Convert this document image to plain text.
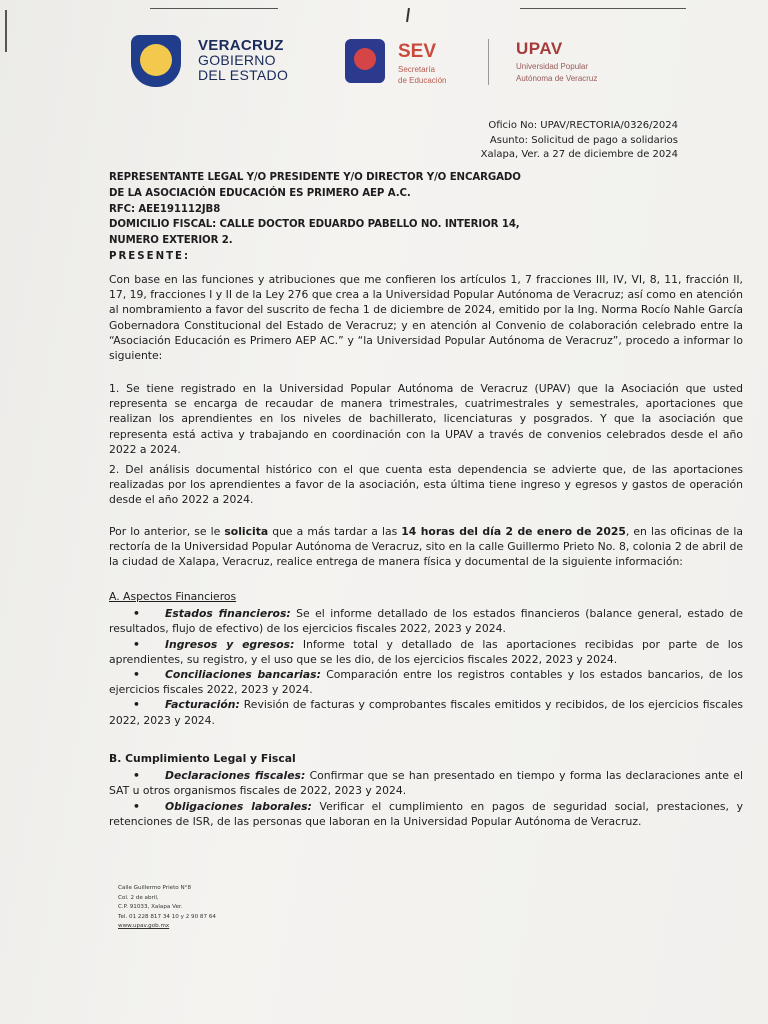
VERACRUZ
GOBIERNO
DEL ESTADO
SEV
Secretaría
de Educación
UPAV
Universidad Popular
Autónoma de Veracruz
Oficio No: UPAV/RECTORIA/0326/2024
Asunto: Solicitud de pago a solidarios
Xalapa, Ver. a 27 de diciembre de 2024
REPRESENTANTE LEGAL Y/O PRESIDENTE Y/O DIRECTOR Y/O ENCARGADO
DE LA ASOCIACIÓN EDUCACIÓN ES PRIMERO AEP A.C.
RFC: AEE191112JB8
DOMICILIO FISCAL: CALLE DOCTOR EDUARDO PABELLO NO. INTERIOR 14,
NUMERO EXTERIOR 2.
PRESENTE:
Con base en las funciones y atribuciones que me confieren los artículos 1, 7 fracciones III, IV, VI, 8, 11, fracción II, 17, 19, fracciones I y II de la Ley 276 que crea a la Universidad Popular Autónoma de Veracruz; así como en atención al nombramiento a favor del suscrito de fecha 1 de diciembre de 2024, emitido por la Ing. Norma Rocío Nahle García Gobernadora Constitucional del Estado de Veracruz; y en atención al Convenio de colaboración celebrado entre la “Asociación Educación es Primero AEP AC.” y “la Universidad Popular Autónoma de Veracruz”, procedo a informar lo siguiente:
1. Se tiene registrado en la Universidad Popular Autónoma de Veracruz (UPAV) que la Asociación que usted representa se encarga de recaudar de manera trimestrales, cuatrimestrales y semestrales, aportaciones que realizan los aprendientes en los niveles de bachillerato, licenciaturas y posgrados. Y que la asociación que representa está activa y trabajando en coordinación con la UPAV a través de convenios celebrados desde el año 2022 a 2024.
2. Del análisis documental histórico con el que cuenta esta dependencia se advierte que, de las aportaciones realizadas por los aprendientes a favor de la asociación, esta última tiene ingreso y egresos y gastos de operación desde el año 2022 a 2024.
Por lo anterior, se le solicita que a más tardar a las 14 horas del día 2 de enero de 2025, en las oficinas de la rectoría de la Universidad Popular Autónoma de Veracruz, sito en la calle Guillermo Prieto No. 8, colonia 2 de abril de la ciudad de Xalapa, Veracruz, realice entrega de manera física y documental de la siguiente información:
A. Aspectos Financieros
• Estados financieros: Se el informe detallado de los estados financieros (balance general, estado de resultados, flujo de efectivo) de los ejercicios fiscales 2022, 2023 y 2024.
• Ingresos y egresos: Informe total y detallado de las aportaciones recibidas por parte de los aprendientes, su registro, y el uso que se les dio, de los ejercicios fiscales 2022, 2023 y 2024.
• Conciliaciones bancarias: Comparación entre los registros contables y los estados bancarios, de los ejercicios fiscales 2022, 2023 y 2024.
• Facturación: Revisión de facturas y comprobantes fiscales emitidos y recibidos, de los ejercicios fiscales 2022, 2023 y 2024.
B. Cumplimiento Legal y Fiscal
• Declaraciones fiscales: Confirmar que se han presentado en tiempo y forma las declaraciones ante el SAT u otros organismos fiscales de 2022, 2023 y 2024.
• Obligaciones laborales: Verificar el cumplimiento en pagos de seguridad social, prestaciones, y retenciones de ISR, de las personas que laboran en la Universidad Popular Autónoma de Veracruz.
Calle Guillermo Prieto N°8
Col. 2 de abril,
C.P. 91033, Xalapa Ver.
Tel. 01 228 817 34 10 y 2 90 87 64
www.upav.gob.mx
